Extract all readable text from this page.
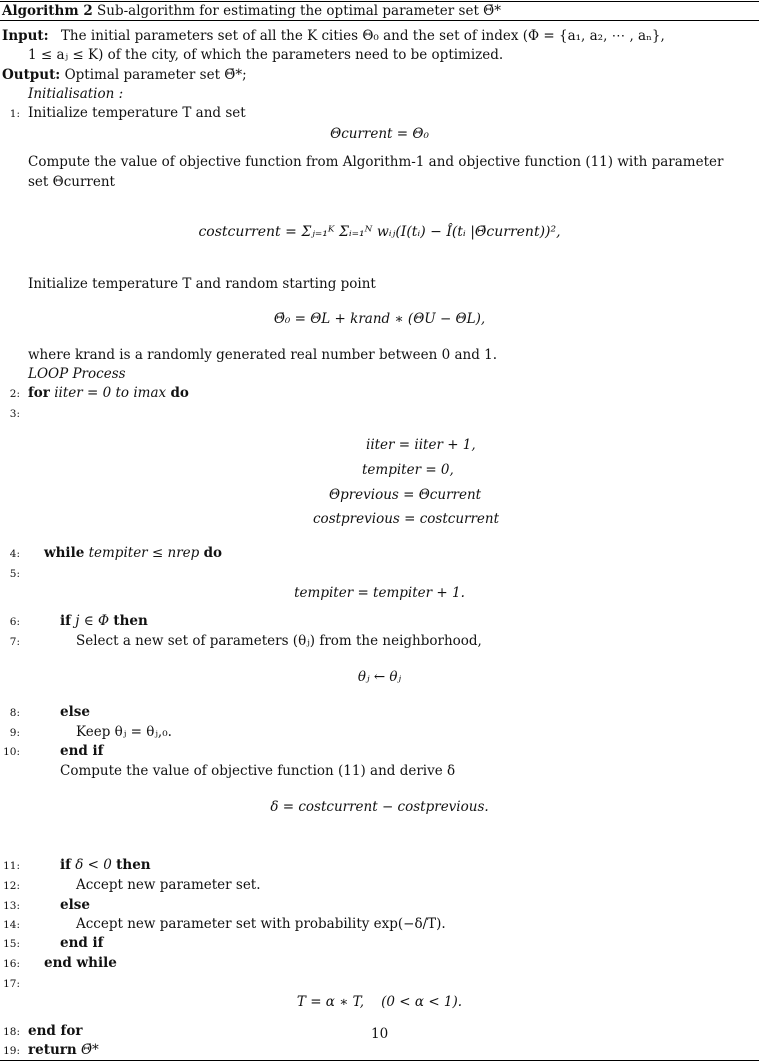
Algorithm 2 Sub-algorithm for estimating the optimal parameter set Θ̄*
Input: The initial parameters set of all the K cities Θ₀ and the set of index (Φ = {a₁, a₂, ⋯ , aₙ},
1 ≤ aⱼ ≤ K) of the city, of which the parameters need to be optimized.
Output: Optimal parameter set Θ̄*;
Initialisation :
1: Initialize temperature T and set
Θcurrent = Θ₀
Compute the value of objective function from Algorithm-1 and objective function (11) with parameter
set Θcurrent
costcurrent = Σⱼ₌₁ᴷ Σᵢ₌₁ᴺ wᵢⱼ(I(tᵢ) − Î(tᵢ |Θ̄current))²,
Initialize temperature T and random starting point
Θ̄₀ = ΘL + krand ∗ (ΘU − ΘL),
where krand is a randomly generated real number between 0 and 1.
LOOP Process
2: for iiter = 0 to imax do
3:
iiter = iiter + 1,
tempiter = 0,
Θprevious = Θcurrent
costprevious = costcurrent
4: while tempiter ≤ nrep do
5:
tempiter = tempiter + 1.
6:	if j ∈ Φ then
7:	Select a new set of parameters (θⱼ) from the neighborhood,
θⱼ ← θⱼ
8:	else
9:	Keep θⱼ = θⱼ,₀.
10:	end if
Compute the value of objective function (11) and derive δ
δ = costcurrent − costprevious.
11:	if δ < 0 then
12:	Accept new parameter set.
13:	else
14:	Accept new parameter set with probability exp(−δ/T).
15:	end if
16: end while
17:
T = α ∗ T,    (0 < α < 1).
18: end for	10
19: return Θ̄*
